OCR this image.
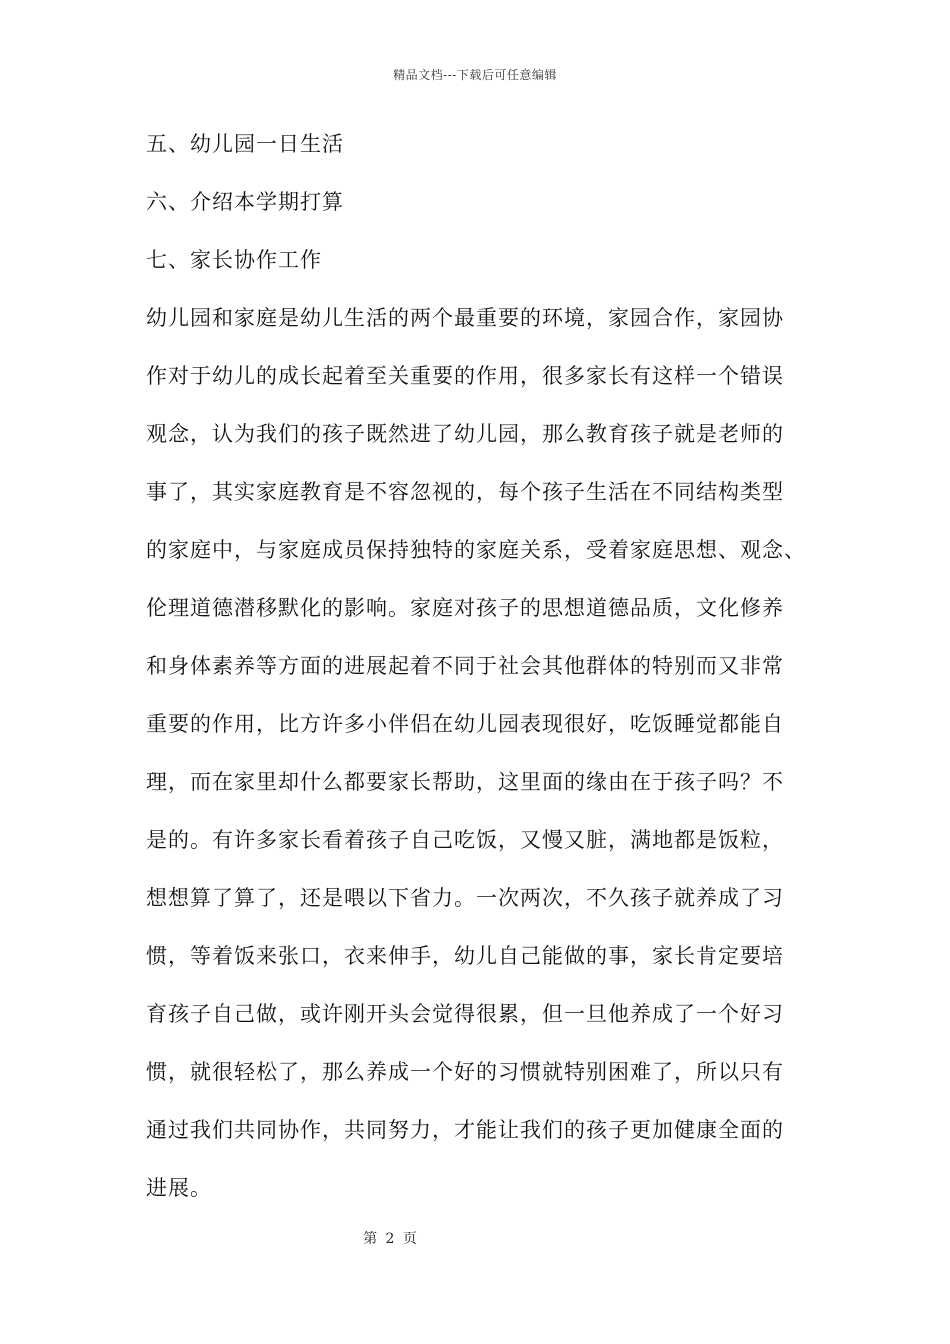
精品文档---下载后可任意编辑
五、幼儿园一日生活
六、介绍本学期打算
七、家长协作工作
幼儿园和家庭是幼儿生活的两个最重要的环境，家园合作，家园协
作对于幼儿的成长起着至关重要的作用，很多家长有这样一个错误
观念，认为我们的孩子既然进了幼儿园，那么教育孩子就是老师的
事了，其实家庭教育是不容忽视的，每个孩子生活在不同结构类型
的家庭中，与家庭成员保持独特的家庭关系，受着家庭思想、观念、
伦理道德潜移默化的影响。家庭对孩子的思想道德品质，文化修养
和身体素养等方面的进展起着不同于社会其他群体的特别而又非常
重要的作用，比方许多小伴侣在幼儿园表现很好，吃饭睡觉都能自
理，而在家里却什么都要家长帮助，这里面的缘由在于孩子吗？不
是的。有许多家长看着孩子自己吃饭，又慢又脏，满地都是饭粒，
想想算了算了，还是喂以下省力。一次两次，不久孩子就养成了习
惯，等着饭来张口，衣来伸手，幼儿自己能做的事，家长肯定要培
育孩子自己做，或许刚开头会觉得很累，但一旦他养成了一个好习
惯，就很轻松了，那么养成一个好的习惯就特别困难了，所以只有
通过我们共同协作，共同努力，才能让我们的孩子更加健康全面的
进展。
第 2 页
